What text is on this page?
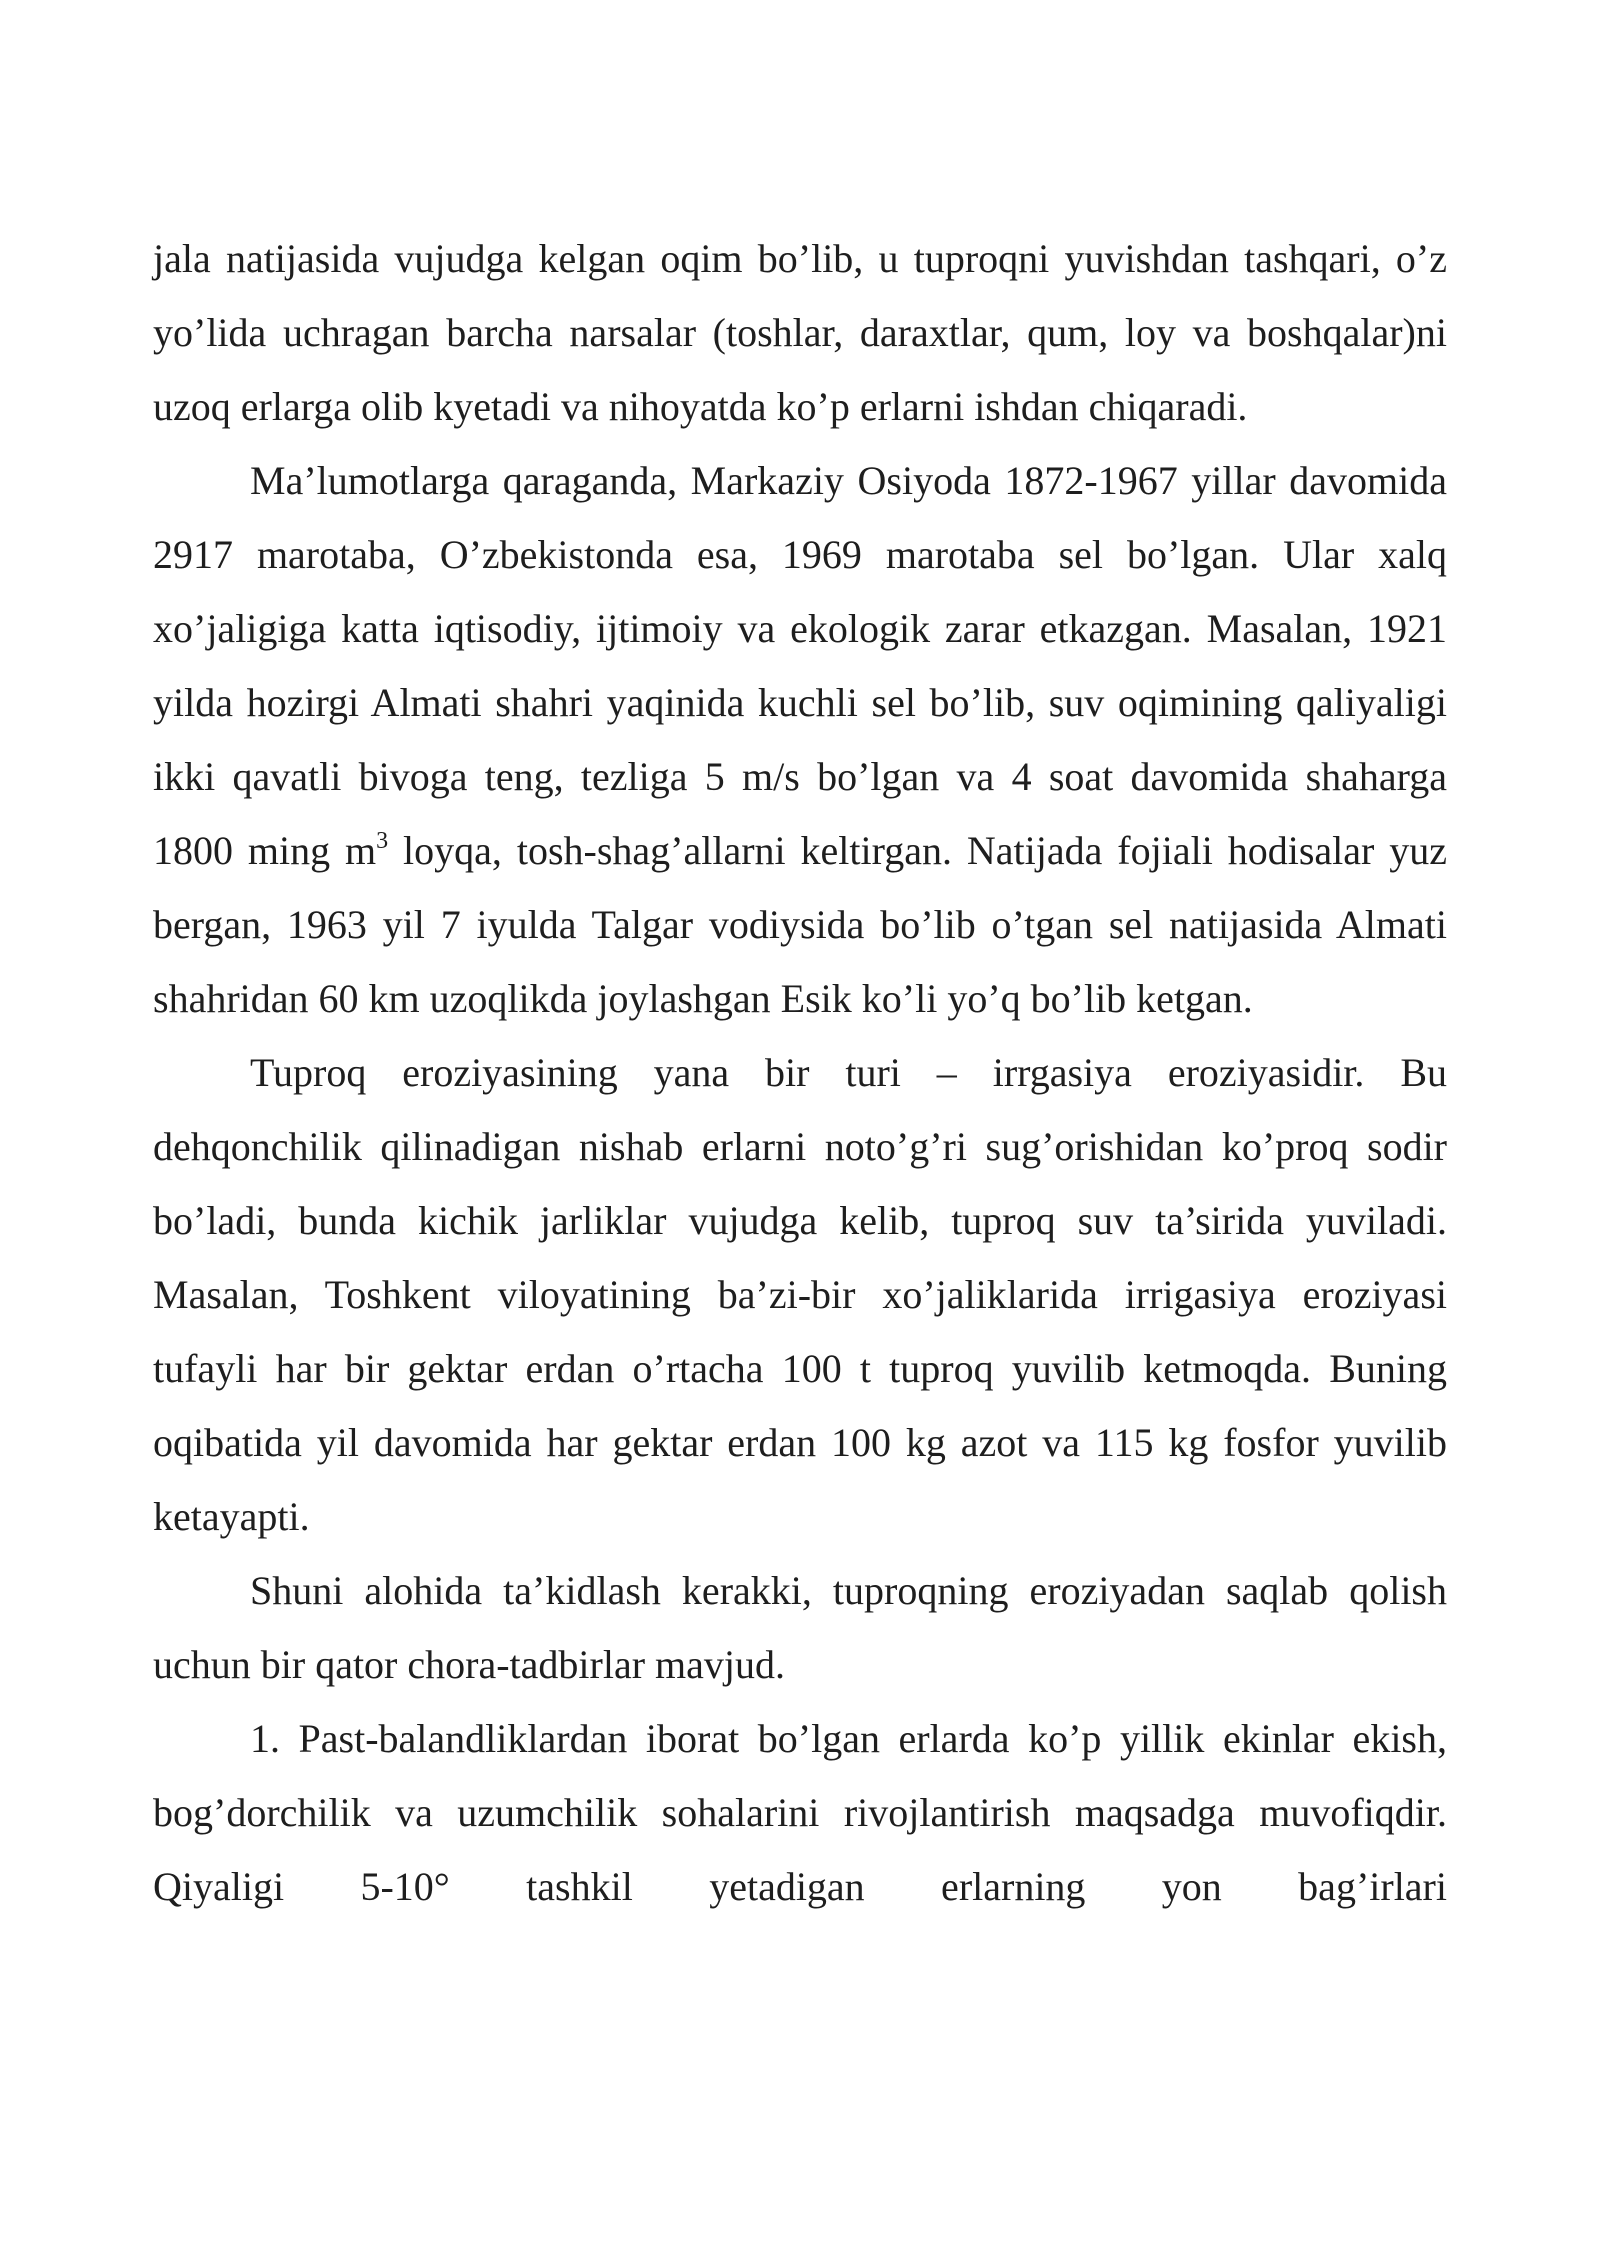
jala natijasida vujudga kelgan oqim bo’lib, u tuproqni yuvishdan tashqari, o’z yo’lida uchragan barcha narsalar (toshlar, daraxtlar, qum, loy va boshqalar)ni uzoq erlarga olib kyetadi va nihoyatda ko’p erlarni ishdan chiqaradi.

Ma’lumotlarga qaraganda, Markaziy Osiyoda 1872-1967 yillar davomida 2917 marotaba, O’zbekistonda esa, 1969 marotaba sel bo’lgan. Ular xalq xo’jaligiga katta iqtisodiy, ijtimoiy va ekologik zarar etkazgan. Masalan, 1921 yilda hozirgi Almati shahri yaqinida kuchli sel bo’lib, suv oqimining qaliyaligi ikki qavatli bivoga teng, tezliga 5 m/s bo’lgan va 4 soat davomida shaharga 1800 ming $m^3$ loyqa, tosh-shag’allarni keltirgan. Natijada fojiali hodisalar yuz bergan, 1963 yil 7 iyulda Talgar vodiysida bo’lib o’tgan sel natijasida Almati shahridan 60 km uzoqlikda joylashgan Esik ko’li yo’q bo’lib ketgan.

Tuproq eroziyasining yana bir turi – irrgasiya eroziyasidir. Bu dehqonchilik qilinadigan nishab erlarni noto’g’ri sug’orishidan ko’proq sodir bo’ladi, bunda kichik jarliklar vujudga kelib, tuproq suv ta’sirida yuviladi. Masalan, Toshkent viloyatining ba’zi-bir xo’jaliklarida irrigasiya eroziyasi tufayli har bir gektar erdan o’rtacha 100 t tuproq yuvilib ketmoqda. Buning oqibatida yil davomida har gektar erdan 100 kg azot va 115 kg fosfor yuvilib ketayapti.

Shuni alohida ta’kidlash kerakki, tuproqning eroziyadan saqlab qolish uchun bir qator chora-tadbirlar mavjud.

1. Past-balandliklardan iborat bo’lgan erlarda ko’p yillik ekinlar ekish, bog’dorchilik va uzumchilik sohalarini rivojlantirish maqsadga muvofiqdir. Qiyaligi 5-10° tashkil yetadigan erlarning yon bag’irlari
